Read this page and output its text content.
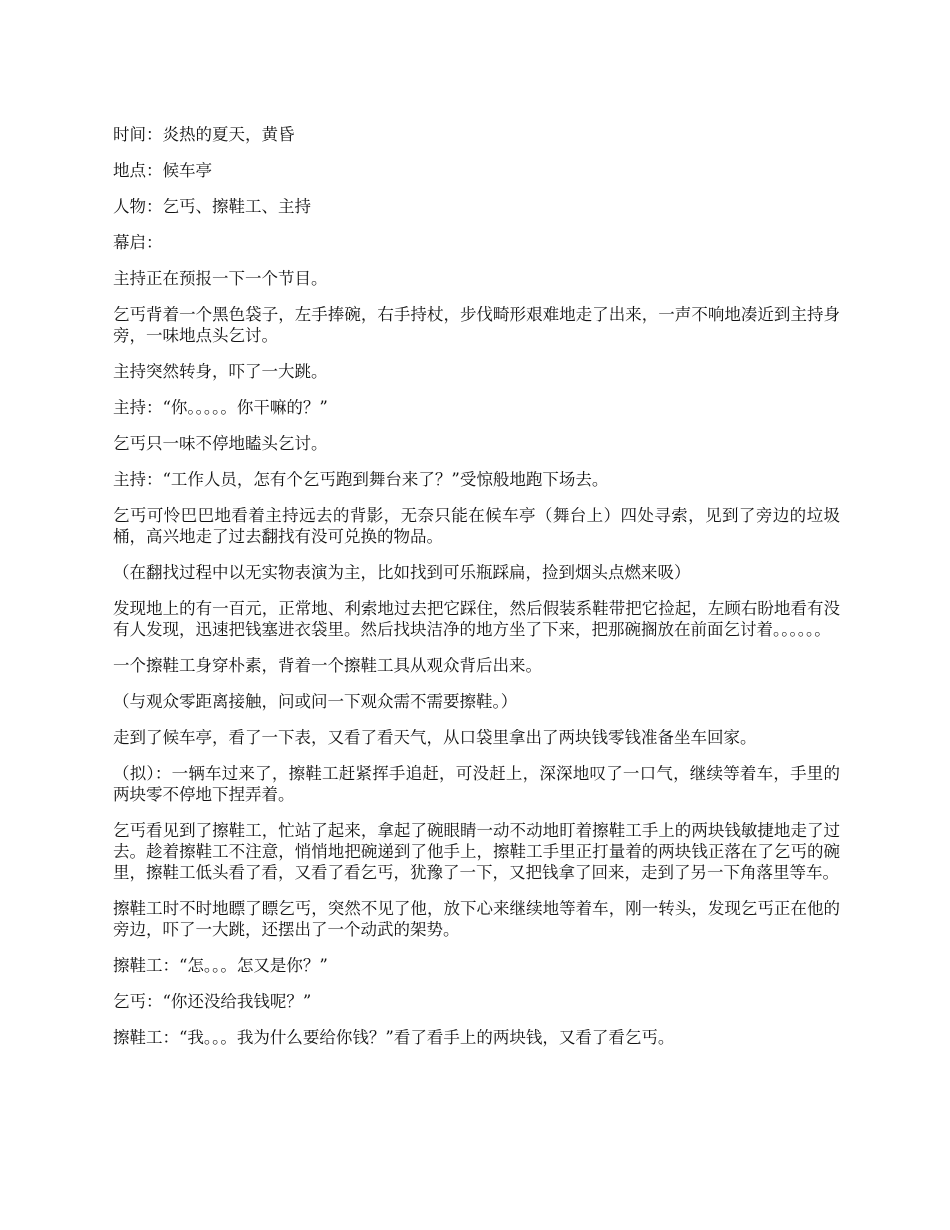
时间：炎热的夏天，黄昏

地点：候车亭

人物：乞丐、擦鞋工、主持

幕启：

主持正在预报一下一个节目。

乞丐背着一个黑色袋子，左手捧碗，右手持杖，步伐畸形艰难地走了出来，一声不响地凑近到主持身旁，一味地点头乞讨。

主持突然转身，吓了一大跳。

主持：“你。。。。。你干嘛的？”

乞丐只一味不停地瞌头乞讨。

主持：“工作人员，怎有个乞丐跑到舞台来了？”受惊般地跑下场去。

乞丐可怜巴巴地看着主持远去的背影，无奈只能在候车亭（舞台上）四处寻索，见到了旁边的垃圾桶，高兴地走了过去翻找有没可兑换的物品。

（在翻找过程中以无实物表演为主，比如找到可乐瓶踩扁，捡到烟头点燃来吸）

发现地上的有一百元，正常地、利索地过去把它踩住，然后假装系鞋带把它捡起，左顾右盼地看有没有人发现，迅速把钱塞进衣袋里。然后找块洁净的地方坐了下来，把那碗搁放在前面乞讨着。。。。。。

一个擦鞋工身穿朴素，背着一个擦鞋工具从观众背后出来。

（与观众零距离接触，问或问一下观众需不需要擦鞋。）

走到了候车亭，看了一下表，又看了看天气，从口袋里拿出了两块钱零钱准备坐车回家。

（拟）：一辆车过来了，擦鞋工赶紧挥手追赶，可没赶上，深深地叹了一口气，继续等着车，手里的两块零不停地下捏弄着。

乞丐看见到了擦鞋工，忙站了起来，拿起了碗眼睛一动不动地盯着擦鞋工手上的两块钱敏捷地走了过去。趁着擦鞋工不注意，悄悄地把碗递到了他手上，擦鞋工手里正打量着的两块钱正落在了乞丐的碗里，擦鞋工低头看了看，又看了看乞丐，犹豫了一下，又把钱拿了回来，走到了另一下角落里等车。

擦鞋工时不时地瞟了瞟乞丐，突然不见了他，放下心来继续地等着车，刚一转头，发现乞丐正在他的旁边，吓了一大跳，还摆出了一个动武的架势。

擦鞋工：“怎。。。怎又是你？”

乞丐：“你还没给我钱呢？”

擦鞋工：“我。。。我为什么要给你钱？”看了看手上的两块钱，又看了看乞丐。
